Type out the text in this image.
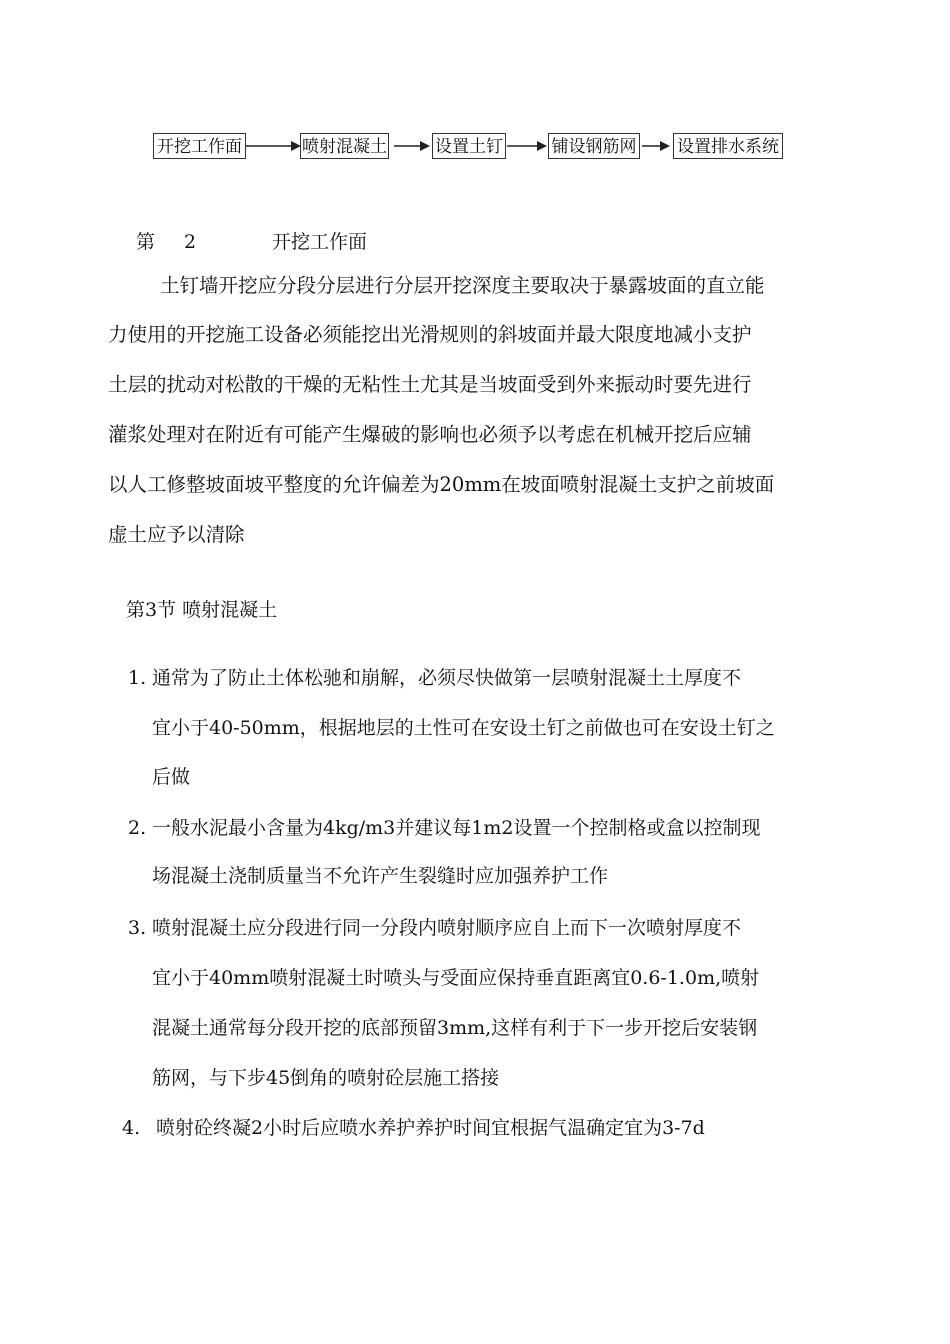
开挖工作面	喷射混凝土	设置土钉	铺设钢筋网 设置排水系统
第 2	开挖工作面
土钉墙开挖应分段分层进行分层开挖深度主要取决于暴露坡面的直立能
力使用的开挖施工设备必须能挖出光滑规则的斜坡面并最大限度地减小支护
土层的扰动对松散的干燥的无粘性土尤其是当坡面受到外来振动时要先进行
灌浆处理对在附近有可能产生爆破的影响也必须予以考虑在机械开挖后应辅
以人工修整坡面坡平整度的允许偏差为20mm在坡面喷射混凝土支护之前坡面
虚土应予以清除
第3节 喷射混凝土
1. 通常为了防止土体松驰和崩解，必须尽快做第一层喷射混凝土土厚度不
宜小于40-50mm，根据地层的土性可在安设土钉之前做也可在安设土钉之
后做
2. 一般水泥最小含量为4kg/m3并建议每1m2设置一个控制格或盒以控制现
场混凝土浇制质量当不允许产生裂缝时应加强养护工作
3. 喷射混凝土应分段进行同一分段内喷射顺序应自上而下一次喷射厚度不
宜小于40mm喷射混凝土时喷头与受面应保持垂直距离宜0.6-1.0m,喷射
混凝土通常每分段开挖的底部预留3mm,这样有利于下一步开挖后安装钢
筋网，与下步45倒角的喷射砼层施工搭接
4. 喷射砼终凝2小时后应喷水养护养护时间宜根据气温确定宜为3-7d
